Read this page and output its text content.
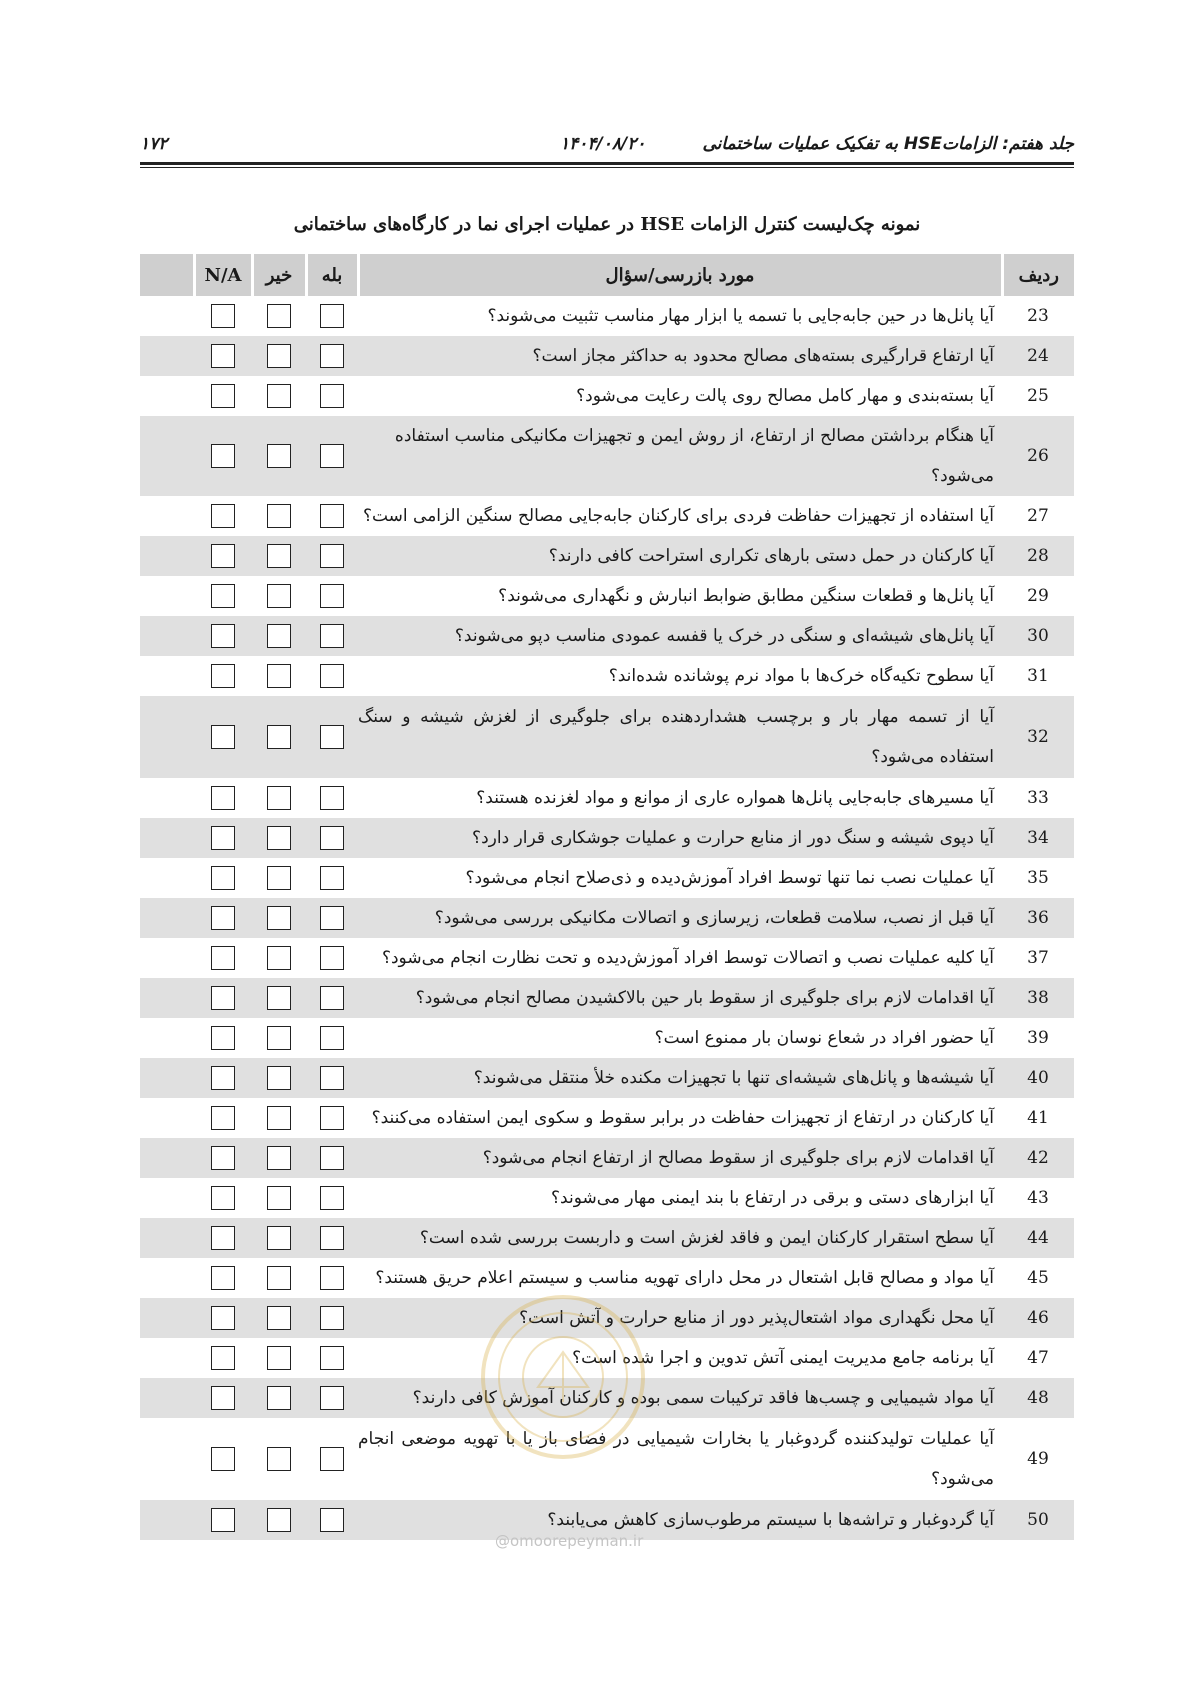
۱۷۲	۱۴۰۴/۰۸/۲۰	جلد هفتم: الزاماتHSE به تفکیک عملیات ساختمانی
نمونه چک‌لیست کنترل الزامات HSE در عملیات اجرای نما در کارگاه‌های ساختمانی
ردیف	مورد بازرسی/سؤال	بله	خیر	N/A	
23	آیا پانل‌ها در حین جابه‌جایی با تسمه یا ابزار مهار مناسب تثبیت می‌شوند؟				
24	آیا ارتفاع قرارگیری بسته‌های مصالح محدود به حداکثر مجاز است؟				
25	آیا بسته‌بندی و مهار کامل مصالح روی پالت رعایت می‌شود؟				
26	آیا هنگام برداشتن مصالح از ارتفاع، از روش ایمن و تجهیزات مکانیکی مناسب استفاده می‌شود؟				
27	آیا استفاده از تجهیزات حفاظت فردی برای کارکنان جابه‌جایی مصالح سنگین الزامی است؟				
28	آیا کارکنان در حمل دستی بارهای تکراری استراحت کافی دارند؟				
29	آیا پانل‌ها و قطعات سنگین مطابق ضوابط انبارش و نگهداری می‌شوند؟				
30	آیا پانل‌های شیشه‌ای و سنگی در خرک یا قفسه عمودی مناسب دپو می‌شوند؟				
31	آیا سطوح تکیه‌گاه خرک‌ها با مواد نرم پوشانده شده‌اند؟				
32	آیا از تسمه مهار بار و برچسب هشداردهنده برای جلوگیری از لغزش شیشه و سنگ استفاده می‌شود؟				
33	آیا مسیرهای جابه‌جایی پانل‌ها همواره عاری از موانع و مواد لغزنده هستند؟				
34	آیا دپوی شیشه و سنگ دور از منابع حرارت و عملیات جوشکاری قرار دارد؟				
35	آیا عملیات نصب نما تنها توسط افراد آموزش‌دیده و ذی‌صلاح انجام می‌شود؟				
36	آیا قبل از نصب، سلامت قطعات، زیرسازی و اتصالات مکانیکی بررسی می‌شود؟				
37	آیا کلیه عملیات نصب و اتصالات توسط افراد آموزش‌دیده و تحت نظارت انجام می‌شود؟				
38	آیا اقدامات لازم برای جلوگیری از سقوط بار حین بالاکشیدن مصالح انجام می‌شود؟				
39	آیا حضور افراد در شعاع نوسان بار ممنوع است؟				
40	آیا شیشه‌ها و پانل‌های شیشه‌ای تنها با تجهیزات مکنده خلأ منتقل می‌شوند؟				
41	آیا کارکنان در ارتفاع از تجهیزات حفاظت در برابر سقوط و سکوی ایمن استفاده می‌کنند؟				
42	آیا اقدامات لازم برای جلوگیری از سقوط مصالح از ارتفاع انجام می‌شود؟				
43	آیا ابزارهای دستی و برقی در ارتفاع با بند ایمنی مهار می‌شوند؟				
44	آیا سطح استقرار کارکنان ایمن و فاقد لغزش است و داربست بررسی شده است؟				
45	آیا مواد و مصالح قابل اشتعال در محل دارای تهویه مناسب و سیستم اعلام حریق هستند؟				
46	آیا محل نگهداری مواد اشتعال‌پذیر دور از منابع حرارت و آتش است؟				
47	آیا برنامه جامع مدیریت ایمنی آتش تدوین و اجرا شده است؟				
48	آیا مواد شیمیایی و چسب‌ها فاقد ترکیبات سمی بوده و کارکنان آموزش کافی دارند؟				
49	آیا عملیات تولیدکننده گردوغبار یا بخارات شیمیایی در فضای باز یا با تهویه موضعی انجام می‌شود؟				
50	آیا گردوغبار و تراشه‌ها با سیستم مرطوب‌سازی کاهش می‌یابند؟				
@omoorepeyman.ir
